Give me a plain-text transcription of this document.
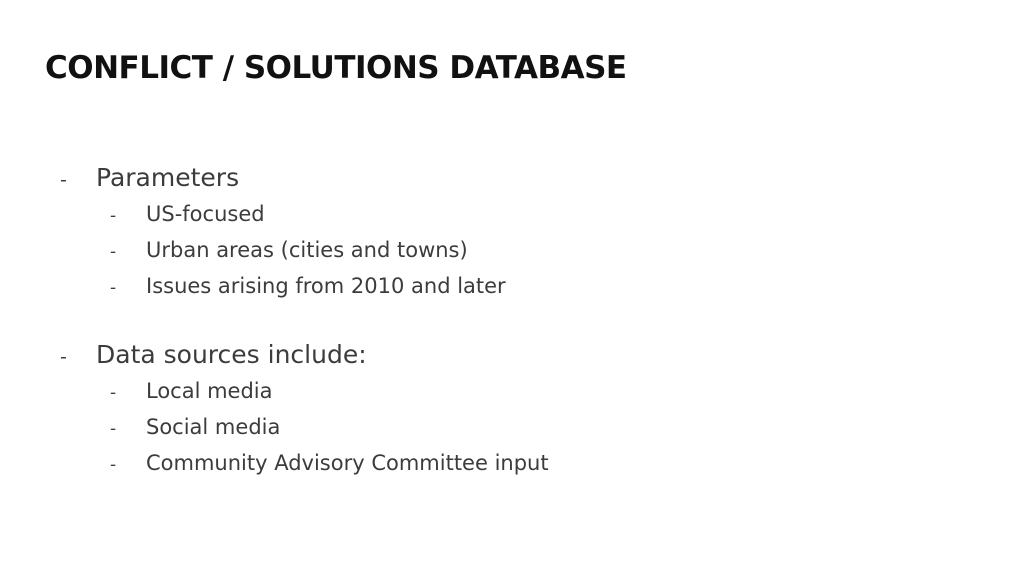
CONFLICT / SOLUTIONS DATABASE
-	Parameters
-	US-focused
-	Urban areas (cities and towns)
-	Issues arising from 2010 and later
-	Data sources include:
-	Local media
-	Social media
-	Community Advisory Committee input
